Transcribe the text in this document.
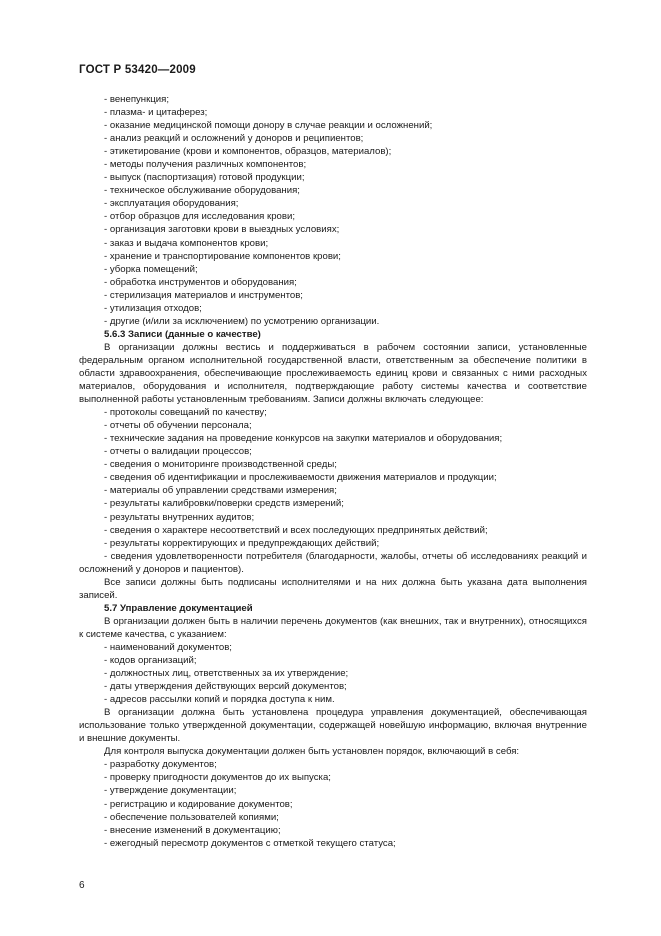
ГОСТ Р 53420—2009
- венепункция;
- плазма- и цитаферез;
- оказание медицинской помощи донору в случае реакции и осложнений;
- анализ реакций и осложнений у доноров и реципиентов;
- этикетирование (крови и компонентов, образцов, материалов);
- методы получения различных компонентов;
- выпуск (паспортизация) готовой продукции;
- техническое обслуживание оборудования;
- эксплуатация оборудования;
- отбор образцов для исследования крови;
- организация заготовки крови в выездных условиях;
- заказ и выдача компонентов крови;
- хранение и транспортирование компонентов крови;
- уборка помещений;
- обработка инструментов и оборудования;
- стерилизация материалов и инструментов;
- утилизация отходов;
- другие (и/или за исключением) по усмотрению организации.
5.6.3 Записи (данные о качестве)

В организации должны вестись и поддерживаться в рабочем состоянии записи, установленные федеральным органом исполнительной государственной власти, ответственным за обеспечение политики в области здравоохранения, обеспечивающие прослеживаемость единиц крови и связанных с ними расходных материалов, оборудования и исполнителя, подтверждающие работу системы качества и соответствие выполненной работы установленным требованиям. Записи должны включать следующее:

- протоколы совещаний по качеству;
- отчеты об обучении персонала;
- технические задания на проведение конкурсов на закупки материалов и оборудования;
- отчеты о валидации процессов;
- сведения о мониторинге производственной среды;
- сведения об идентификации и прослеживаемости движения материалов и продукции;
- материалы об управлении средствами измерения;
- результаты калибровки/поверки средств измерений;
- результаты внутренних аудитов;
- сведения о характере несоответствий и всех последующих предпринятых действий;
- результаты корректирующих и предупреждающих действий;

- сведения удовлетворенности потребителя (благодарности, жалобы, отчеты об исследованиях реакций и осложнений у доноров и пациентов).

Все записи должны быть подписаны исполнителями и на них должна быть указана дата выполнения записей.

5.7 Управление документацией

В организации должен быть в наличии перечень документов (как внешних, так и внутренних), относящихся к системе качества, с указанием:

- наименований документов;
- кодов организаций;
- должностных лиц, ответственных за их утверждение;
- даты утверждения действующих версий документов;
- адресов рассылки копий и порядка доступа к ним.

В организации должна быть установлена процедура управления документацией, обеспечивающая использование только утвержденной документации, содержащей новейшую информацию, включая внутренние и внешние документы.

Для контроля выпуска документации должен быть установлен порядок, включающий в себя:

- разработку документов;
- проверку пригодности документов до их выпуска;
- утверждение документации;
- регистрацию и кодирование документов;
- обеспечение пользователей копиями;
- внесение изменений в документацию;
- ежегодный пересмотр документов с отметкой текущего статуса;
6
